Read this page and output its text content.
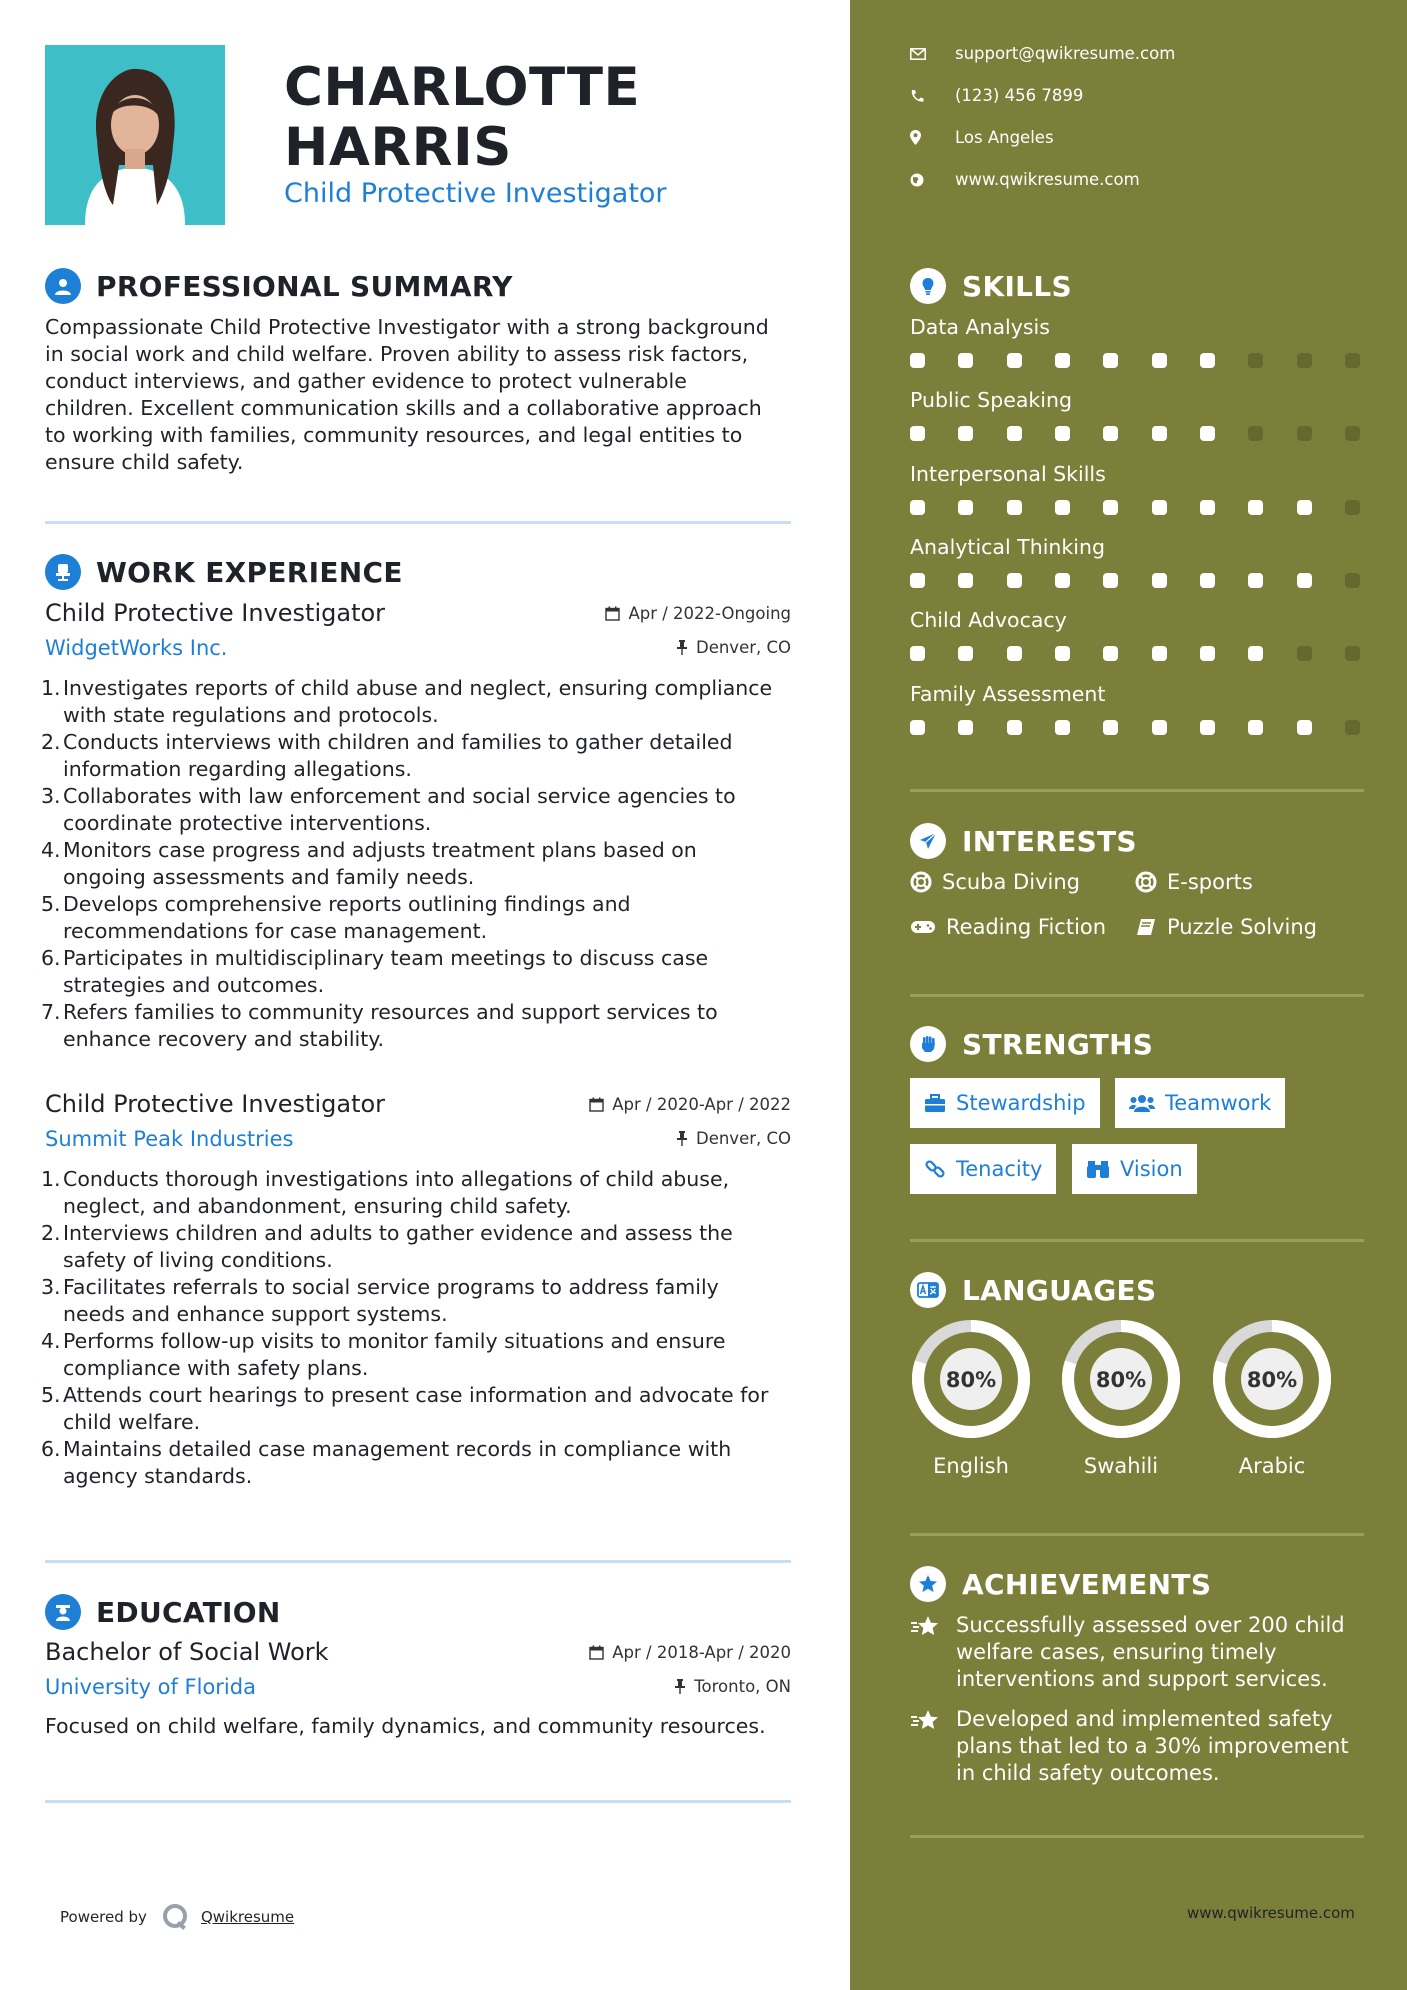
CHARLOTTE
HARRIS
Child Protective Investigator
PROFESSIONAL SUMMARY
Compassionate Child Protective Investigator with a strong background
in social work and child welfare. Proven ability to assess risk factors,
conduct interviews, and gather evidence to protect vulnerable
children. Excellent communication skills and a collaborative approach
to working with families, community resources, and legal entities to
ensure child safety.
WORK EXPERIENCE
Child Protective Investigator	Apr / 2022-Ongoing
WidgetWorks Inc.	Denver, CO
1. Investigates reports of child abuse and neglect, ensuring compliance
with state regulations and protocols.
2. Conducts interviews with children and families to gather detailed
information regarding allegations.
3. Collaborates with law enforcement and social service agencies to
coordinate protective interventions.
4. Monitors case progress and adjusts treatment plans based on
ongoing assessments and family needs.
5. Develops comprehensive reports outlining findings and
recommendations for case management.
6. Participates in multidisciplinary team meetings to discuss case
strategies and outcomes.
7. Refers families to community resources and support services to
enhance recovery and stability.
Child Protective Investigator	Apr / 2020-Apr / 2022
Summit Peak Industries	Denver, CO
1. Conducts thorough investigations into allegations of child abuse,
neglect, and abandonment, ensuring child safety.
2. Interviews children and adults to gather evidence and assess the
safety of living conditions.
3. Facilitates referrals to social service programs to address family
needs and enhance support systems.
4. Performs follow-up visits to monitor family situations and ensure
compliance with safety plans.
5. Attends court hearings to present case information and advocate for
child welfare.
6. Maintains detailed case management records in compliance with
agency standards.
EDUCATION
Bachelor of Social Work	Apr / 2018-Apr / 2020
University of Florida	Toronto, ON
Focused on child welfare, family dynamics, and community resources.
Powered by	Qwikresume
support@qwikresume.com
(123) 456 7899
Los Angeles
www.qwikresume.com
SKILLS
Data Analysis
Public Speaking
Interpersonal Skills
Analytical Thinking
Child Advocacy
Family Assessment
INTERESTS
Scuba Diving	E-sports
Reading Fiction	Puzzle Solving
STRENGTHS
Stewardship	Teamwork
Tenacity	Vision
LANGUAGES
80%
English
80%
Swahili
80%
Arabic
ACHIEVEMENTS
Successfully assessed over 200 child
welfare cases, ensuring timely
interventions and support services.
Developed and implemented safety
plans that led to a 30% improvement
in child safety outcomes.
www.qwikresume.com
